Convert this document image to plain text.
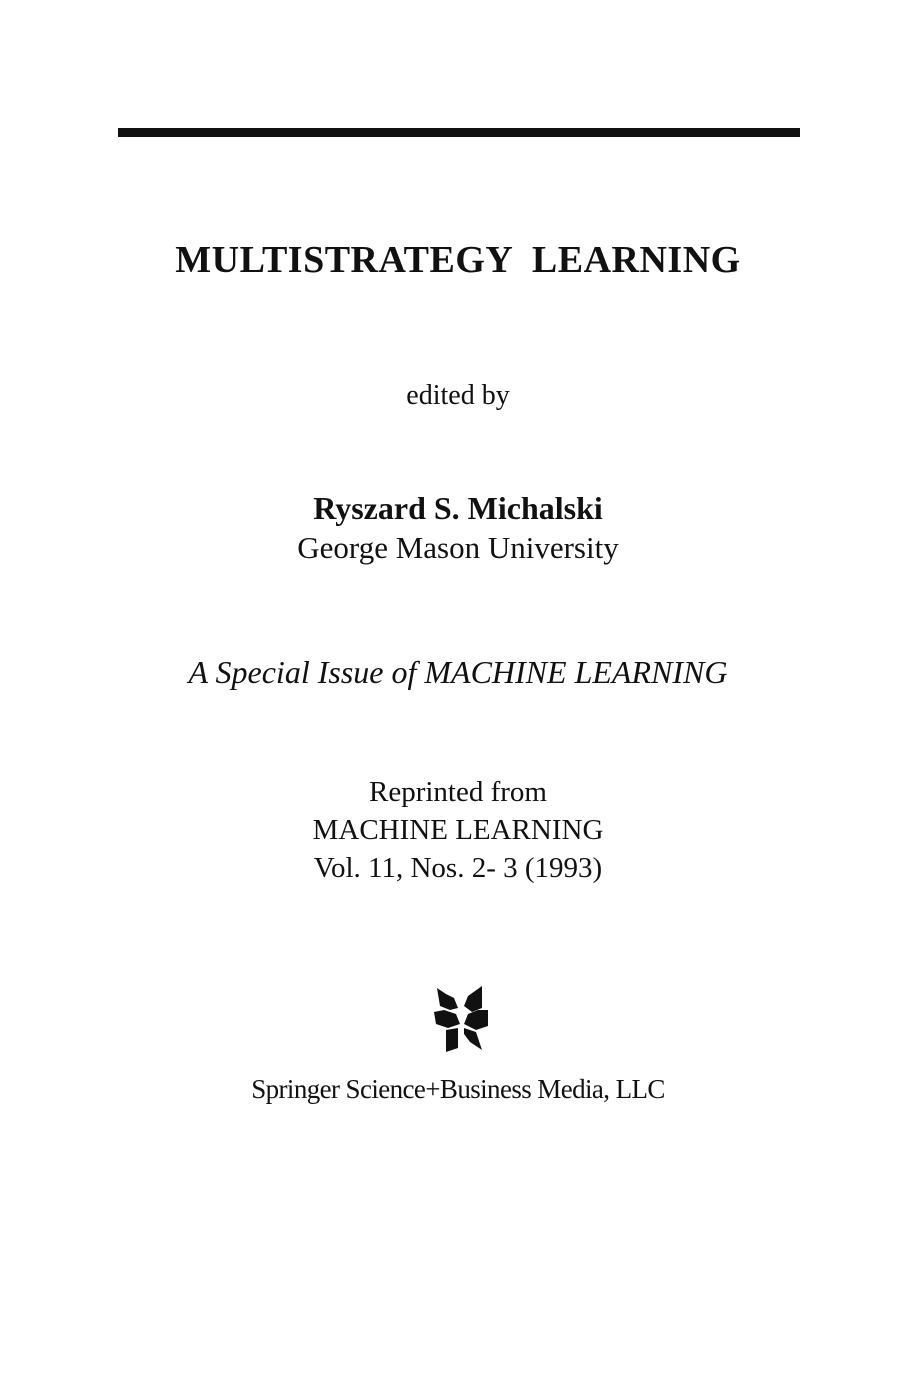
MULTISTRATEGY LEARNING
edited by
Ryszard S. Michalski
George Mason University
A Special Issue of MACHINE LEARNING
Reprinted from
MACHINE LEARNING
Vol. 11, Nos. 2- 3 (1993)
Springer Science+Business Media, LLC
